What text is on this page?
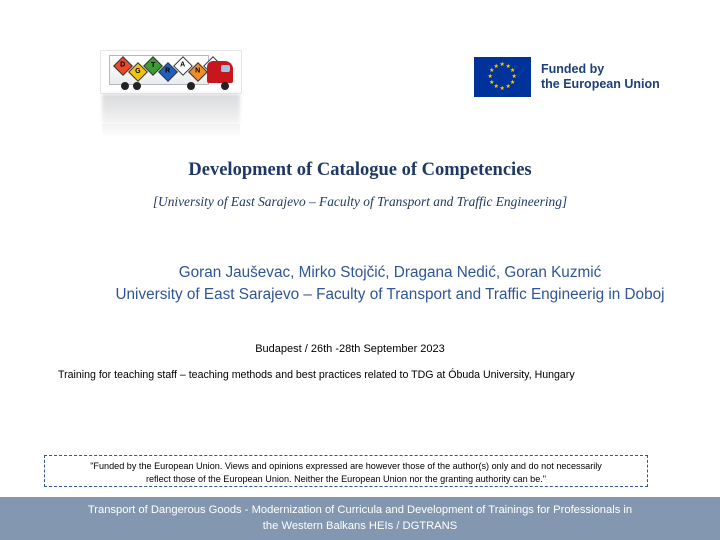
D
G
T
R
A
N
★ ★
★
★
★
★
★
★
★
★
★
★	Funded by
the European Union
Development of Catalogue of Competencies
[University of East Sarajevo – Faculty of Transport and Traffic Engineering]
Goran Jauševac, Mirko Stojčić, Dragana Nedić, Goran Kuzmić
University of East Sarajevo – Faculty of Transport and Traffic Engineerig in Doboj
Budapest / 26th -28th September 2023
Training for teaching staff – teaching methods and best practices related to TDG at Óbuda University, Hungary
"Funded by the European Union. Views and opinions expressed are however those of the author(s) only and do not necessarily
reflect those of the European Union. Neither the European Union nor the granting authority can be."
Transport of Dangerous Goods - Modernization of Curricula and Development of Trainings for Professionals in
the Western Balkans HEIs / DGTRANS
